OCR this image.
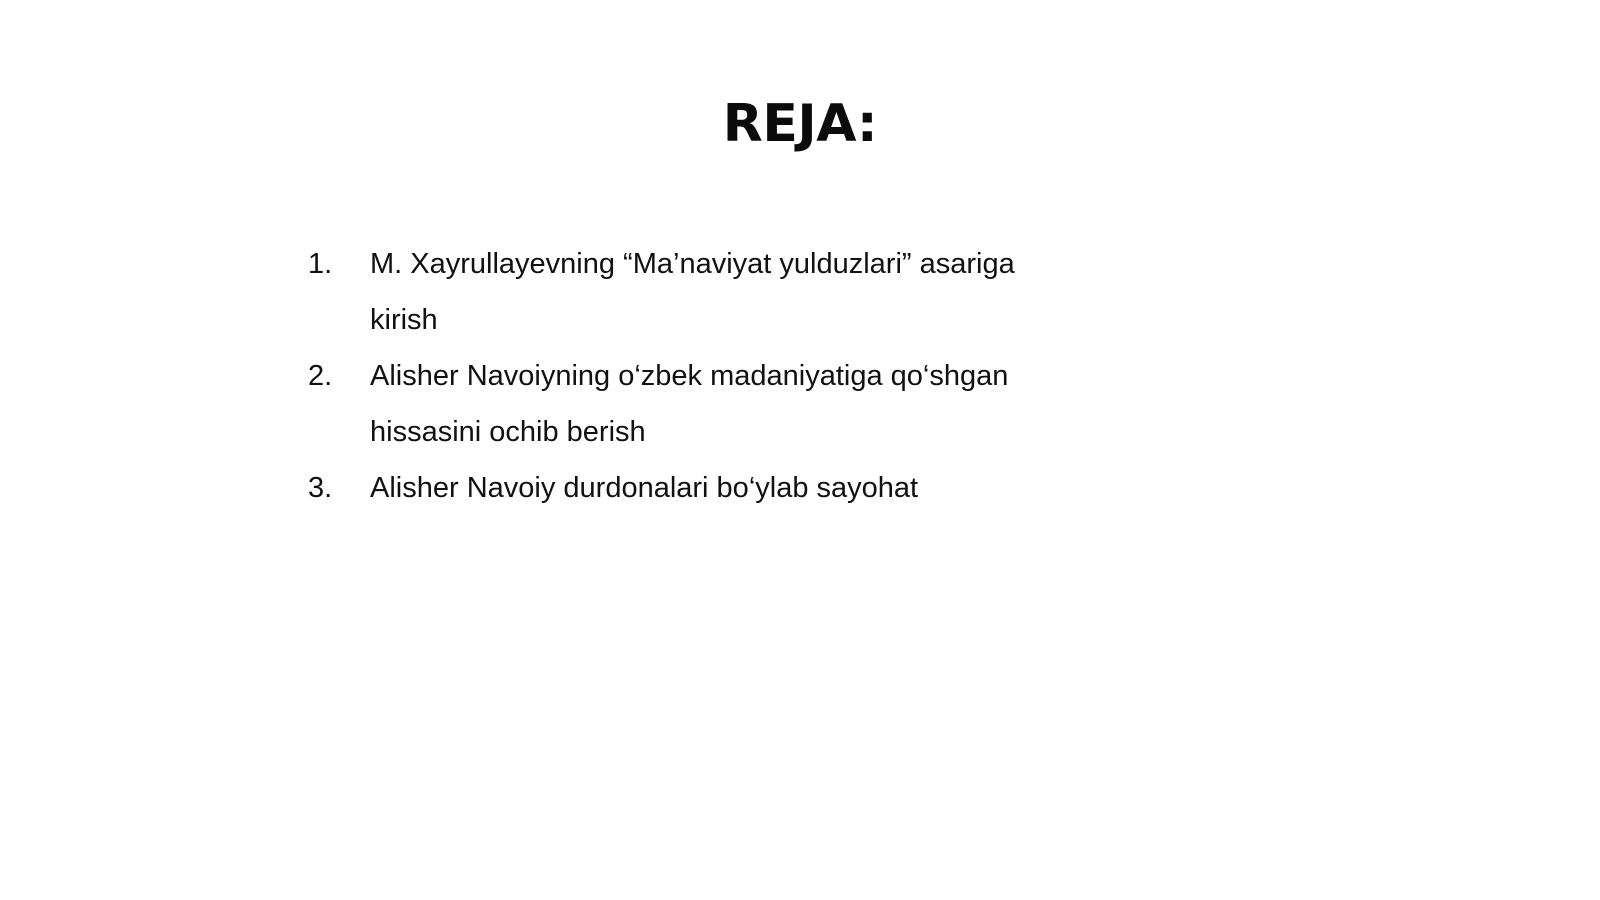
REJA:
1.	M. Xayrullayevning “Ma’naviyat yulduzlari” asariga kirish
2.	Alisher Navoiyning o‘zbek madaniyatiga qo‘shgan hissasini ochib berish
3.	Alisher Navoiy durdonalari bo‘ylab sayohat
